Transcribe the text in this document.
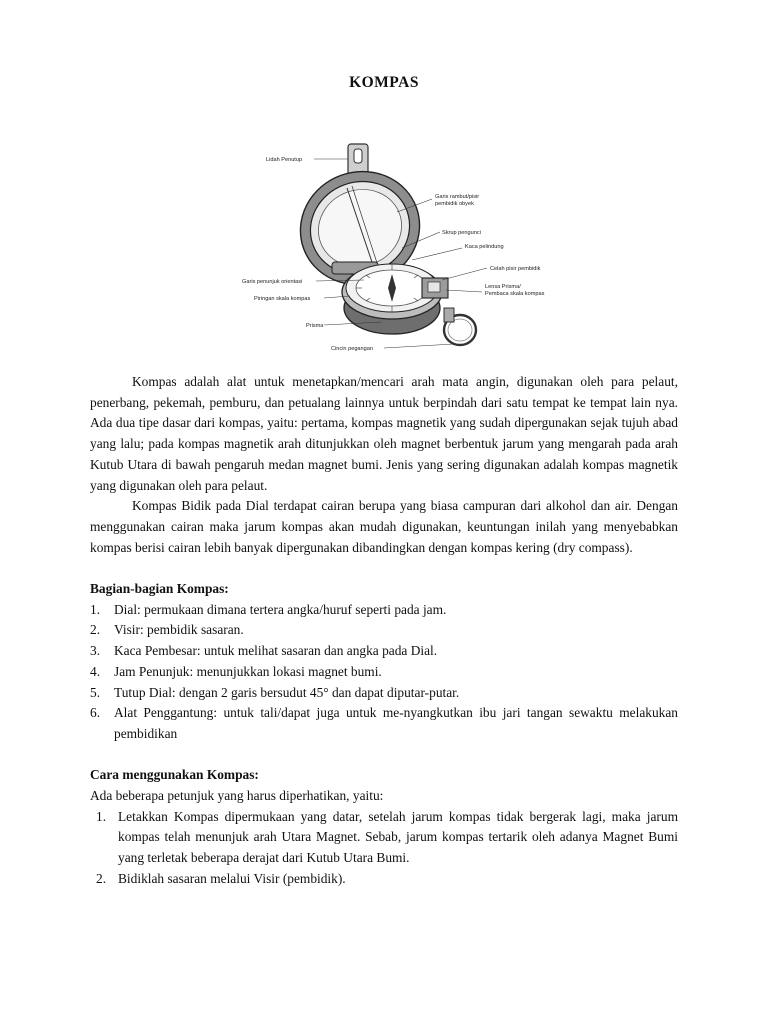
KOMPAS
Lidah Penutup
Garis rambut/pisir
pembidik obyek
Skrup pengunci
Kaca pelindung
Celah pisir pembidik
Lensa Prisma/
Pembaca skala kompas
Garis penunjuk orientasi
Piringan skala kompas
Prisma
Cincin pegangan

Kompas adalah alat untuk menetapkan/mencari arah mata angin, digunakan oleh para pelaut, penerbang, pekemah, pemburu, dan petualang lainnya untuk berpindah dari satu tempat ke tempat lain nya. Ada dua tipe dasar dari kompas, yaitu: pertama, kompas magnetik yang sudah dipergunakan sejak tujuh abad yang lalu; pada kompas magnetik arah ditunjukkan oleh magnet berbentuk jarum yang mengarah pada arah Kutub Utara di bawah pengaruh medan magnet bumi. Jenis yang sering digunakan adalah kompas magnetik yang digunakan oleh para pelaut.

Kompas Bidik pada Dial terdapat cairan berupa yang biasa campuran dari alkohol dan air. Dengan menggunakan cairan maka jarum kompas akan mudah digunakan, keuntungan inilah yang menyebabkan kompas berisi cairan lebih banyak dipergunakan dibandingkan dengan kompas kering (dry compass).

Bagian-bagian Kompas:
1. Dial: permukaan dimana tertera angka/huruf seperti pada jam.
2. Visir: pembidik sasaran.
3. Kaca Pembesar: untuk melihat sasaran dan angka pada Dial.
4. Jam Penunjuk: menunjukkan lokasi magnet bumi.
5. Tutup Dial: dengan 2 garis bersudut 45° dan dapat diputar-putar.
6. Alat Penggantung: untuk tali/dapat juga untuk me-nyangkutkan ibu jari tangan sewaktu melakukan pembidikan
Cara menggunakan Kompas:

Ada beberapa petunjuk yang harus diperhatikan, yaitu:

1. Letakkan Kompas dipermukaan yang datar, setelah jarum kompas tidak bergerak lagi, maka jarum kompas telah menunjuk arah Utara Magnet. Sebab, jarum kompas tertarik oleh adanya Magnet Bumi yang terletak beberapa derajat dari Kutub Utara Bumi.
2. Bidiklah sasaran melalui Visir (pembidik).
